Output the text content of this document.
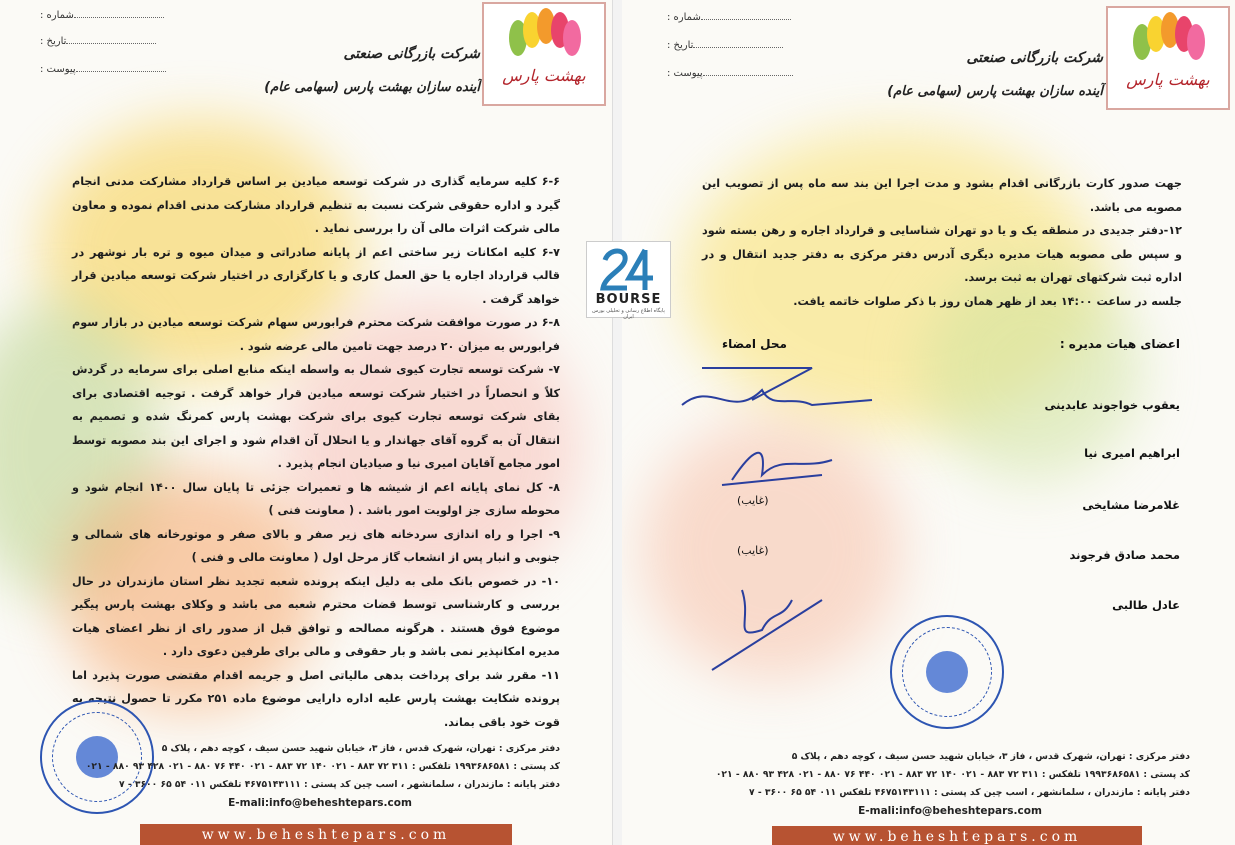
شماره :
تاریخ :
پیوست :
شرکت بازرگانی صنعتی
آینده سازان بهشت پارس (سهامی عام)
بهشت پارس

۶-۶ کلیه سرمایه گذاری در شرکت توسعه میادین بر اساس قرارداد مشارکت مدنی انجام گیرد و اداره حقوقی شرکت نسبت به تنظیم قرارداد مشارکت مدنی اقدام نموده و معاون مالی شرکت اثرات مالی آن را بررسی نماید .

۶-۷ کلیه امکانات زیر ساختی اعم از پایانه صادراتی و میدان میوه و تره بار نوشهر در قالب قرارداد اجاره یا حق العمل کاری و یا کارگزاری در اختیار شرکت توسعه میادین قرار خواهد گرفت .

۶-۸ در صورت موافقت شرکت محترم فرابورس سهام شرکت توسعه میادین در بازار سوم فرابورس به میزان ۲۰ درصد جهت تامین مالی عرضه شود .

۷- شرکت توسعه تجارت کیوی شمال به واسطه اینکه منابع اصلی برای سرمایه در گردش کلاً و انحصاراً در اختیار شرکت توسعه میادین قرار خواهد گرفت . توجیه اقتصادی برای بقای شرکت توسعه تجارت کیوی برای شرکت بهشت پارس کمرنگ شده و تصمیم به انتقال آن به گروه آقای جهاندار و یا انحلال آن اقدام شود و اجرای این بند مصوبه توسط امور مجامع آقایان امیری نیا و صیادیان انجام پذیرد .

۸- کل نمای پایانه اعم از شیشه ها و تعمیرات جزئی تا پایان سال ۱۴۰۰ انجام شود و محوطه سازی جز اولویت امور باشد . ( معاونت فنی )

۹- اجرا و راه اندازی سردخانه های زیر صفر و بالای صفر و موتورخانه های شمالی و جنوبی و انبار پس از انشعاب گاز مرحل اول ( معاونت مالی و فنی )

۱۰- در خصوص بانک ملی به دلیل اینکه پرونده شعبه تجدید نظر استان مازندران در حال بررسی و کارشناسی توسط قضات محترم شعبه می باشد و وکلای بهشت پارس پیگیر موضوع فوق هستند . هرگونه مصالحه و توافق قبل از صدور رای از نظر اعضای هیات مدیره امکانپذیر نمی باشد و بار حقوقی و مالی برای طرفین دعوی دارد .

۱۱- مقرر شد برای پرداخت بدهی مالیاتی اصل و جریمه اقدام مقتضی صورت پذیرد اما پرونده شکایت بهشت پارس علیه اداره دارایی موضوع ماده ۲۵۱ مکرر تا حصول نتیجه به قوت خود باقی بماند.

دفتر مرکزی : تهران، شهرک قدس ، فاز ۳، خیابان شهید حسن سیف ، کوچه دهم ، پلاک ۵
کد پستی : ۱۹۹۳۶۸۶۵۸۱ تلفکس : ۳۱۱ ۷۲ ۸۸۳ - ۰۲۱ ۱۴۰ ۷۲ ۸۸۳ - ۰۲۱ ۴۴۰ ۷۶ ۸۸۰ - ۰۲۱ ۴۲۸ ۹۳ ۸۸۰ - ۰۲۱
دفتر پایانه : مازندران ، سلمانشهر ، اسب چین کد پستی : ۴۶۷۵۱۴۳۱۱۱ تلفکس ۰۱۱ ۵۴ ۶۵ ۳۶۰۰ - ۷
E-mali:info@beheshtepars.com
www.beheshtepars.com
شماره :
تاریخ :
پیوست :
شرکت بازرگانی صنعتی
آینده سازان بهشت پارس (سهامی عام)
بهشت پارس

جهت صدور کارت بازرگانی اقدام بشود و مدت اجرا این بند سه ماه پس از تصویب این مصوبه می باشد.

۱۲-دفتر جدیدی در منطقه یک و یا دو تهران شناسایی و قرارداد اجاره و رهن بسته شود و سپس طی مصوبه هیات مدیره دیگری آدرس دفتر مرکزی به دفتر جدید انتقال و در اداره ثبت شرکتهای تهران به ثبت برسد.

جلسه در ساعت ۱۴:۰۰ بعد از ظهر همان روز با ذکر صلوات خاتمه یافت.

اعضای هیات مدیره :
محل امضاء
یعقوب خواجوند عابدینی
ابراهیم امیری نیا
غلامرضا مشایخی
محمد صادق فرجوند
عادل طالبی
(غایب)
(غایب)
دفتر مرکزی : تهران، شهرک قدس ، فاز ۳، خیابان شهید حسن سیف ، کوچه دهم ، پلاک ۵
کد پستی : ۱۹۹۳۶۸۶۵۸۱ تلفکس : ۳۱۱ ۷۲ ۸۸۳ - ۰۲۱ ۱۴۰ ۷۲ ۸۸۳ - ۰۲۱ ۴۴۰ ۷۶ ۸۸۰ - ۰۲۱ ۴۲۸ ۹۳ ۸۸۰ - ۰۲۱
دفتر پایانه : مازندران ، سلمانشهر ، اسب چین کد پستی : ۴۶۷۵۱۴۳۱۱۱ تلفکس ۰۱۱ ۵۴ ۶۵ ۳۶۰۰ - ۷
E-mali:info@beheshtepars.com
www.beheshtepars.com
BOURSE
پایگاه اطلاع رسانی و تحلیلی بورس ایران
